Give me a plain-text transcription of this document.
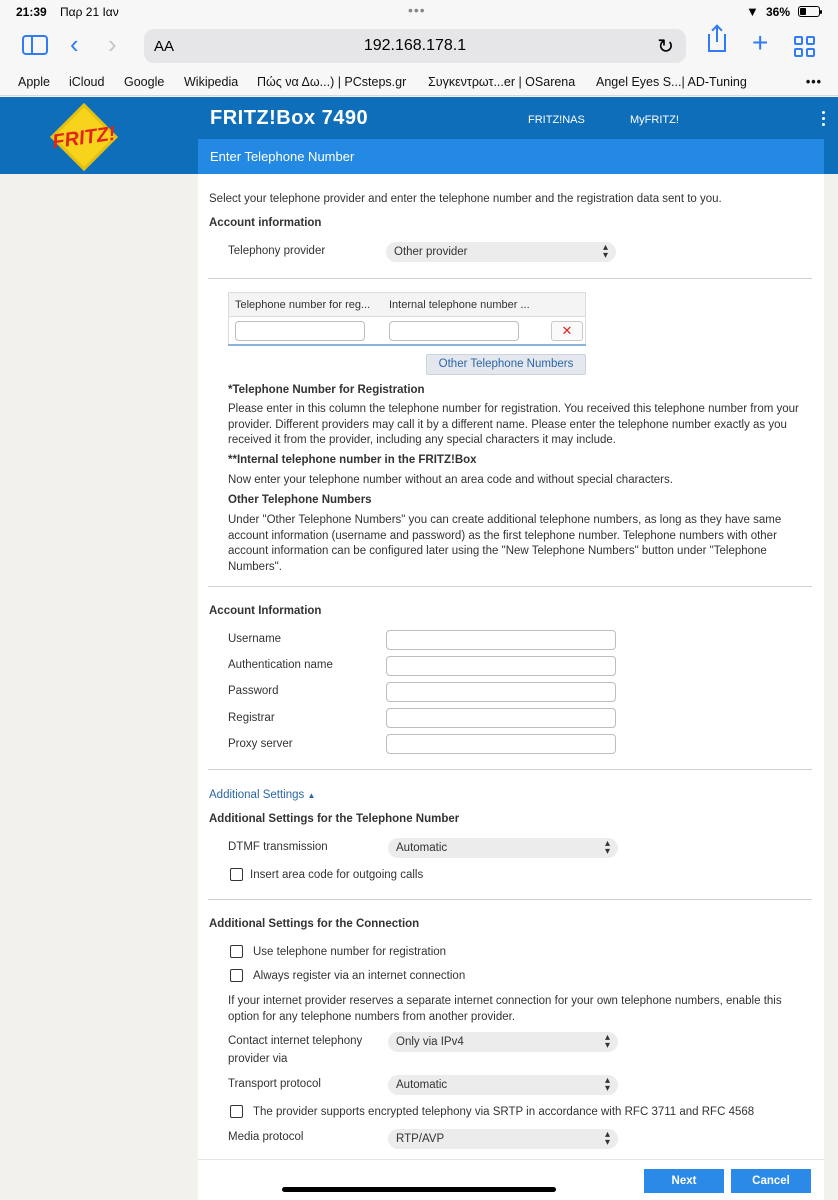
21:39 Παρ 21 Ιαν	•••	▼ 36%
‹ › AA	192.168.178.1	↻	+
Apple iCloud Google Wikipedia Πώς να Δω...) | PCsteps.gr Συγκεντρωτ...er | OSarena Angel Eyes S...| AD-Tuning	•••
FRITZ!
FRITZ!Box 7490	FRITZ!NAS	MyFRITZ!
Enter Telephone Number
Select your telephone provider and enter the telephone number and the registration data sent to you.
Account information
Telephony provider	Other provider	▴
▾
Telephone number for reg... Internal telephone number ...
✕
Other Telephone Numbers
*Telephone Number for Registration
Please enter in this column the telephone number for registration. You received this telephone number from your provider. Different providers may call it by a different name. Please enter the telephone number exactly as you received it from the provider, including any special characters it may include.
**Internal telephone number in the FRITZ!Box
Now enter your telephone number without an area code and without special characters.
Other Telephone Numbers
Under "Other Telephone Numbers" you can create additional telephone numbers, as long as they have same account information (username and password) as the first telephone number. Telephone numbers with other account information can be configured later using the "New Telephone Numbers" button under "Telephone Numbers".
Account Information
Username
Authentication name
Password
Registrar
Proxy server
Additional Settings ▲
Additional Settings for the Telephone Number
DTMF transmission	Automatic	▴
▾
Insert area code for outgoing calls
Additional Settings for the Connection
Use telephone number for registration
Always register via an internet connection
If your internet provider reserves a separate internet connection for your own telephone numbers, enable this option for any telephone numbers from another provider.
Contact internet telephony
provider via
Only via IPv4	▴
▾
Transport protocol	Automatic	▴
▾
The provider supports encrypted telephony via SRTP in accordance with RFC 3711 and RFC 4568
Media protocol	RTP/AVP	▴
▾
Next	Cancel
